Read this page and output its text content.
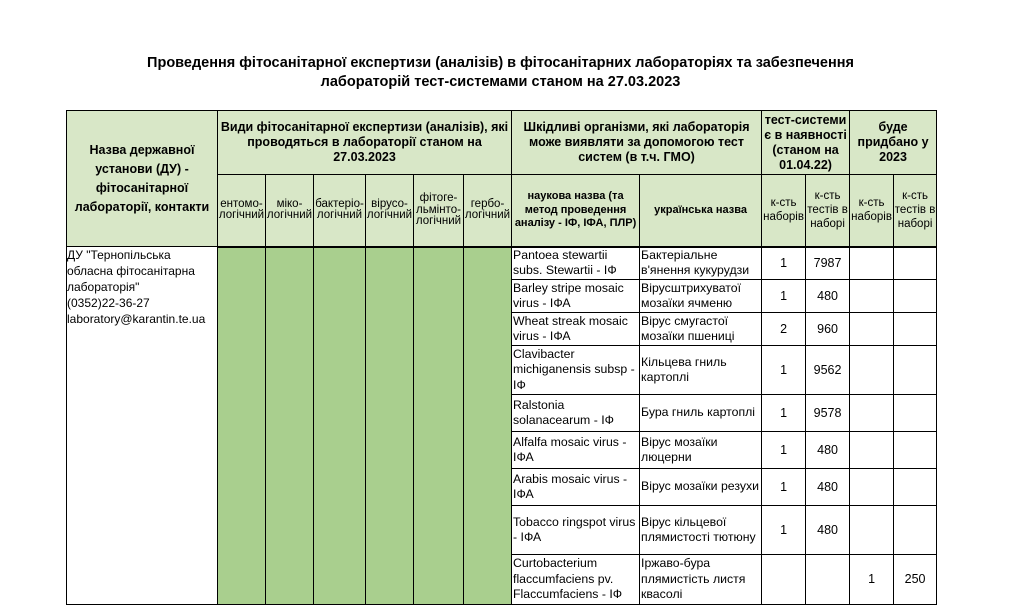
Проведення фітосанітарної експертизи (аналізів) в фітосанітарних лабораторіях та забезпечення
лабораторій тест-системами станом на 27.03.2023
Назва державної установи (ДУ) - фітосанітарної лабораторії, контакти	Види фітосанітарної експертизи (аналізів), які проводяться в лабораторії станом на 27.03.2023						Шкідливі організми, які лабораторія може виявляти за допомогою тест систем (в т.ч. ГМО)		тест-системи є в наявності (станом на 01.04.22)		буде придбано у 2023	
	ентомо-логічний	міко-логічний	бактеріо-логічний	вірусо-логічний	фітоге-льмінто-логічний	гербо-логічний	наукова назва (та метод проведення аналізу - ІФ, ІФА, ПЛР)	українська назва	к-сть наборів	к-сть тестів в наборі	к-сть наборів	к-сть тестів в наборі

ДУ "Тернопільська
обласна фітосанітарна
лабораторія"
(0352)22-36-27
laboratory@karantin.te.ua							Pantoea stewartii subs. Stewartii - ІФ	Бактеріальне в'янення кукурудзи	1	7987		
							Barley stripe mosaic virus - ІФА	Вірусштрихуватої мозаїки ячменю	1	480		
							Wheat streak mosaic virus - ІФА	Вірус смугастої мозаїки пшениці	2	960		
							Clavibacter michiganensis subsp - ІФ	Кільцева гниль картоплі	1	9562		
							Ralstonia solanacearum - ІФ	Бура гниль картоплі	1	9578		
							Alfalfa mosaic virus - ІФА	Вірус мозаїки люцерни	1	480		
							Arabis mosaic virus - ІФА	Вірус мозаїки резухи	1	480		
							Tobacco ringspot virus - ІФА	Вірус кільцевої плямистості тютюну	1	480		
							Curtobacterium flaccumfaciens pv. Flaccumfaciens - ІФ	Іржаво-бура плямистість листя квасолі			1	250
